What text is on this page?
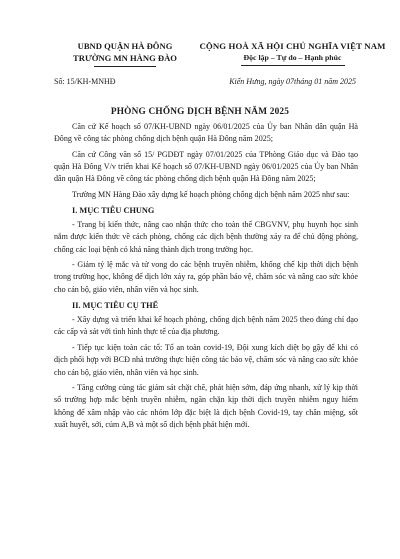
UBND QUẬN HÀ ĐÔNG
TRƯỜNG MN HÀNG ĐÀO
CỘNG HOÀ XÃ HỘI CHỦ NGHĨA VIỆT NAM
Độc lập – Tự do – Hạnh phúc
Số: 15/KH-MNHĐ	Kiến Hưng, ngày 07tháng 01 năm 2025
PHÒNG CHỐNG DỊCH BỆNH NĂM 2025

Căn cứ Kế hoạch số 07/KH-UBND ngày 06/01/2025 của Ủy ban Nhân dân quận Hà Đông về công tác phòng chống dịch bệnh quận Hà Đông năm 2025;

Căn cứ Công văn số 15/ PGDĐT ngày 07/01/2025 của TPhòng Giáo dục và Đào tạo quận Hà Đông V/v triển khai Kế hoạch số 07/KH-UBND ngày 06/01/2025 của Ủy ban Nhân dân quận Hà Đông về công tác phòng chống dịch bệnh quận Hà Đông năm 2025;

Trường MN Hàng Đào xây dựng kế hoạch phòng chống dịch bệnh năm 2025 như sau:

I. MỤC TIÊU CHUNG

- Trang bị kiến thức, nâng cao nhận thức cho toàn thể CBGVNV, phụ huynh học sinh nắm được kiến thức về cách phòng, chống các dịch bệnh thường xảy ra để chủ động phòng, chống các loại bệnh có khả năng thành dịch trong trường học.

- Giảm tỷ lệ mắc và tử vong do các bệnh truyền nhiễm, khống chế kịp thời dịch bệnh trong trường học, không để dịch lớn xảy ra, góp phần bảo vệ, chăm sóc và nâng cao sức khỏe cho cán bộ, giáo viên, nhân viên và học sinh.

II. MỤC TIÊU CỤ THỂ

- Xây dựng và triển khai kế hoạch phòng, chống dịch bệnh năm 2025 theo đúng chỉ đạo các cấp và sát với tình hình thực tế của địa phương.

- Tiếp tục kiện toàn các tổ: Tổ an toàn covid-19, Đội xung kích diệt bọ gậy để khi có dịch phối hợp với BCĐ nhà trường thực hiện công tác bảo vệ, chăm sóc và nâng cao sức khỏe cho cán bộ, giáo viên, nhân viên và học sinh.

- Tăng cường củng tác giám sát chặt chẽ, phát hiện sớm, đáp ứng nhanh, xử lý kịp thời sổ trường hợp mắc bệnh truyền nhiễm, ngăn chặn kịp thời dịch truyền nhiễm nguy hiểm không để xâm nhập vào các nhóm lớp đặc biệt là dịch bệnh Covid-19, tay chân miệng, sốt xuất huyết, sởi, cúm A,B và một số dịch bệnh phát hiện mới.
